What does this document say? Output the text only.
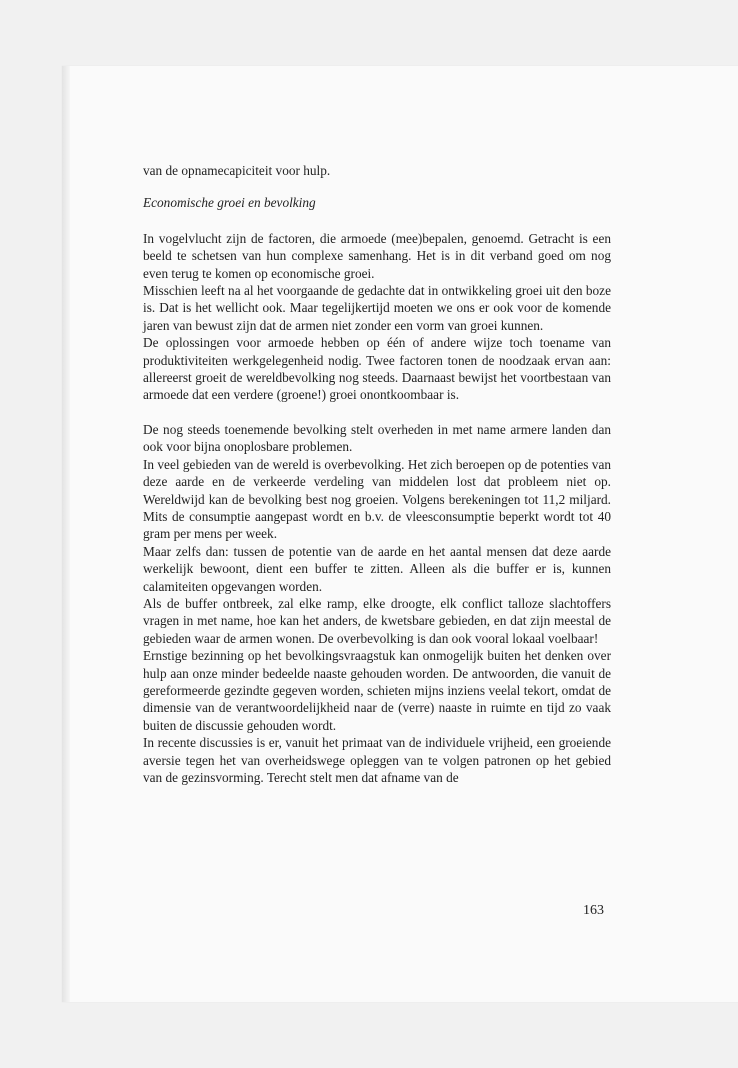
van de opnamecapiciteit voor hulp.

Economische groei en bevolking

In vogelvlucht zijn de factoren, die armoede (mee)bepalen, genoemd. Getracht is een beeld te schetsen van hun complexe samenhang. Het is in dit verband goed om nog even terug te komen op economische groei.

Misschien leeft na al het voorgaande de gedachte dat in ontwikkeling groei uit den boze is. Dat is het wellicht ook. Maar tegelijkertijd moeten we ons er ook voor de komende jaren van bewust zijn dat de armen niet zonder een vorm van groei kunnen.

De oplossingen voor armoede hebben op één of andere wijze toch toename van produktiviteiten werkgelegenheid nodig. Twee factoren tonen de noodzaak ervan aan: allereerst groeit de wereldbevolking nog steeds. Daarnaast bewijst het voortbestaan van armoede dat een verdere (groene!) groei onontkoombaar is.

De nog steeds toenemende bevolking stelt overheden in met name armere landen dan ook voor bijna onoplosbare problemen.

In veel gebieden van de wereld is overbevolking. Het zich beroepen op de potenties van deze aarde en de verkeerde verdeling van middelen lost dat probleem niet op. Wereldwijd kan de bevolking best nog groeien. Volgens berekeningen tot 11,2 miljard. Mits de consumptie aangepast wordt en b.v. de vleesconsumptie beperkt wordt tot 40 gram per mens per week.

Maar zelfs dan: tussen de potentie van de aarde en het aantal mensen dat deze aarde werkelijk bewoont, dient een buffer te zitten. Alleen als die buffer er is, kunnen calamiteiten opgevangen worden.

Als de buffer ontbreek, zal elke ramp, elke droogte, elk conflict talloze slachtoffers vragen in met name, hoe kan het anders, de kwetsbare gebieden, en dat zijn meestal de gebieden waar de armen wonen. De overbevolking is dan ook vooral lokaal voelbaar!

Ernstige bezinning op het bevolkingsvraagstuk kan onmogelijk buiten het denken over hulp aan onze minder bedeelde naaste gehouden worden. De antwoorden, die vanuit de gereformeerde gezindte gegeven worden, schieten mijns inziens veelal tekort, omdat de dimensie van de verantwoordelijkheid naar de (verre) naaste in ruimte en tijd zo vaak buiten de discussie gehouden wordt.

In recente discussies is er, vanuit het primaat van de individuele vrijheid, een groeiende aversie tegen het van overheidswege opleggen van te volgen patronen op het gebied van de gezinsvorming. Terecht stelt men dat afname van de

163
